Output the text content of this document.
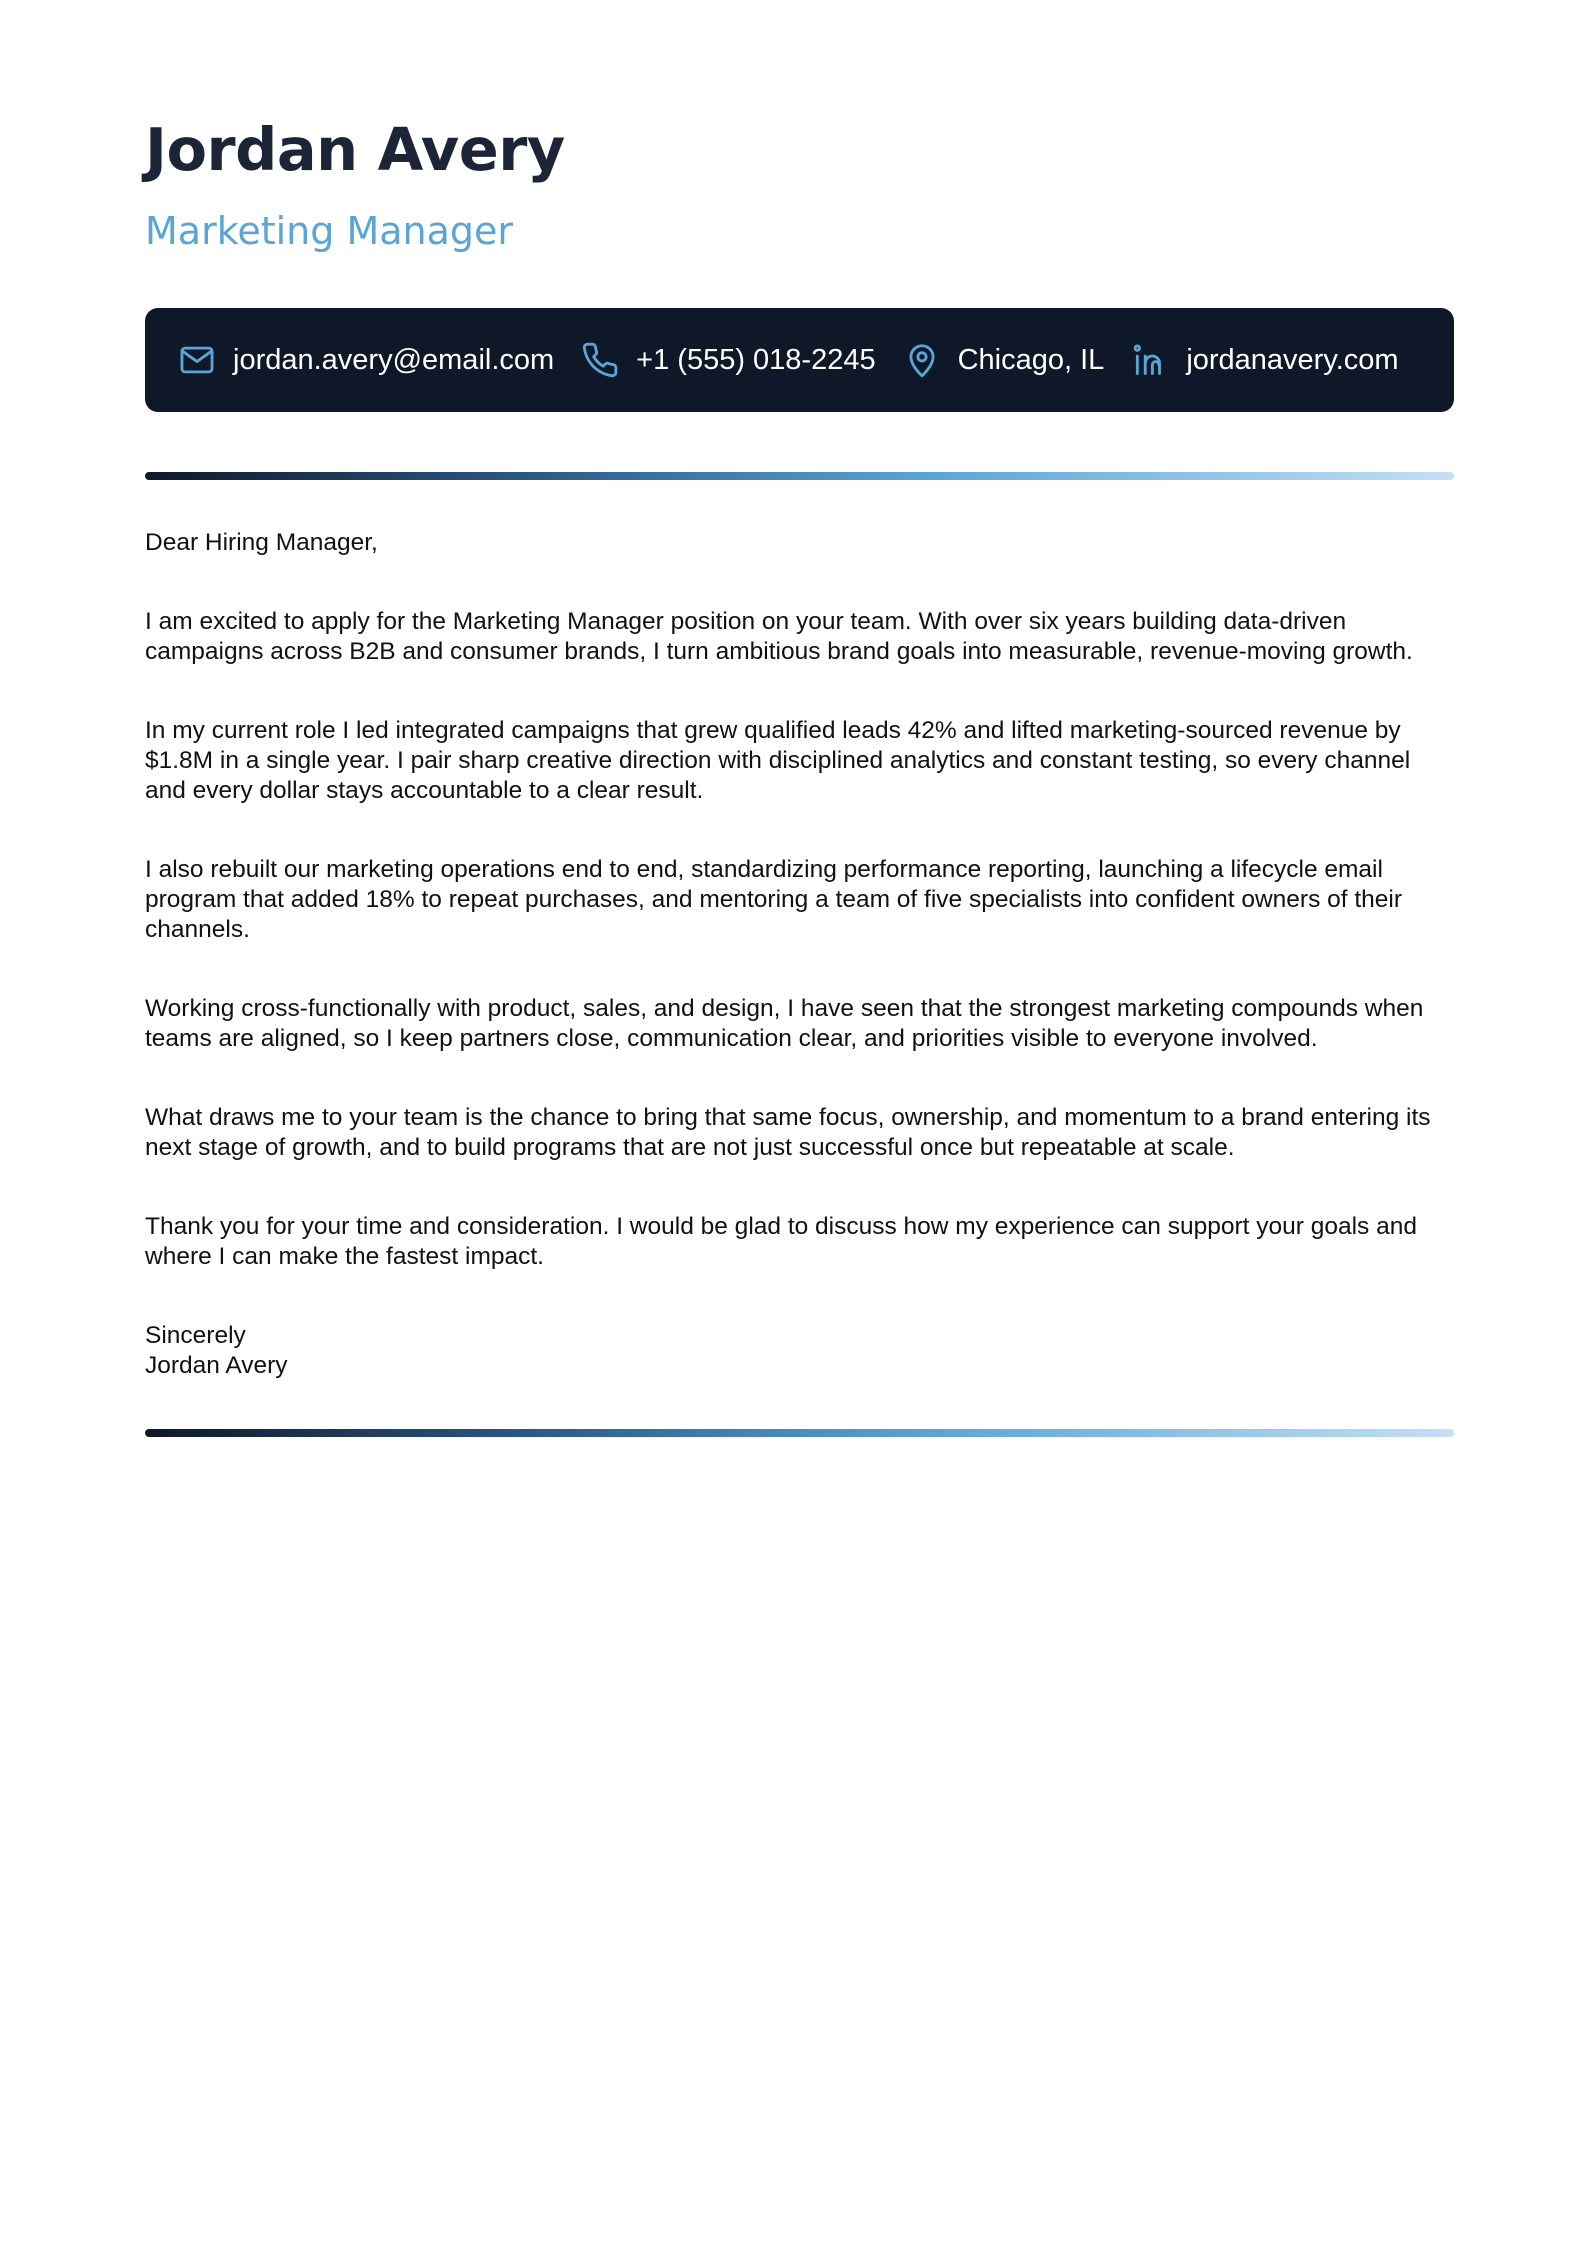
Jordan Avery
Marketing Manager
jordan.avery@email.com	+1 (555) 018-2245	Chicago, IL	jordanavery.com

Dear Hiring Manager,

I am excited to apply for the Marketing Manager position on your team. With over six years building data-driven campaigns across B2B and consumer brands, I turn ambitious brand goals into measurable, revenue-moving growth.

In my current role I led integrated campaigns that grew qualified leads 42% and lifted marketing-sourced revenue by $1.8M in a single year. I pair sharp creative direction with disciplined analytics and constant testing, so every channel and every dollar stays accountable to a clear result.

I also rebuilt our marketing operations end to end, standardizing performance reporting, launching a lifecycle email program that added 18% to repeat purchases, and mentoring a team of five specialists into confident owners of their channels.

Working cross-functionally with product, sales, and design, I have seen that the strongest marketing compounds when teams are aligned, so I keep partners close, communication clear, and priorities visible to everyone involved.

What draws me to your team is the chance to bring that same focus, ownership, and momentum to a brand entering its next stage of growth, and to build programs that are not just successful once but repeatable at scale.

Thank you for your time and consideration. I would be glad to discuss how my experience can support your goals and where I can make the fastest impact.

Sincerely
Jordan Avery
